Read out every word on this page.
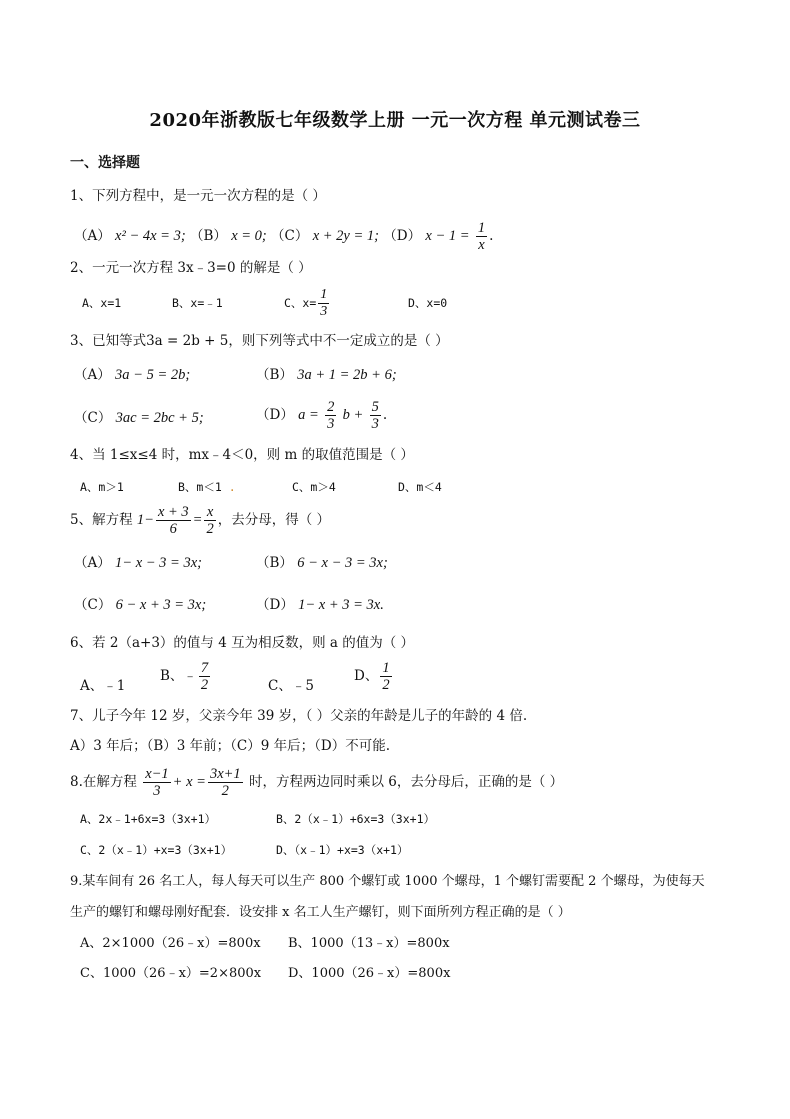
2020年浙教版七年级数学上册 一元一次方程 单元测试卷三
一、选择题
1、下列方程中，是一元一次方程的是（ ）
（A） x² − 4x = 3; （B） x = 0; （C） x + 2y = 1; （D） $x - 1 = \frac{1}{x}$ .
2、一元一次方程 3x﹣3=0 的解是（ ）
A、x=1	B、x=﹣1	C、$x= \frac{1}{3}$	D、x=0
3、已知等式3a = 2b + 5，则下列等式中不一定成立的是（ ）
（A） 3a − 5 = 2b;	（B） 3a + 1 = 2b + 6;
（C） 3ac = 2bc + 5;	（D） $a = \frac{2}{3}$ $b + \frac{5}{3}$ .
4、当 1≤x≤4 时，mx﹣4＜0，则 m 的取值范围是（ ）
A、m＞1	B、m＜1 .	C、m＞4	D、m＜4
5、解方程 $1- \frac{x + 3}{6} = \frac{x}{2}$ ，去分母，得（ ）
（A） 1− x − 3 = 3x;	（B） 6 − x − 3 = 3x;
（C） 6 − x + 3 = 3x;	（D） 1− x + 3 = 3x.
6、若 2（a+3）的值与 4 互为相反数，则 a 的值为（ ）
A、﹣1
B、﹣ $\frac{7}{2}$	C、﹣5
D、 $\frac{1}{2}$
7、儿子今年 12 岁，父亲今年 39 岁，（ ）父亲的年龄是儿子的年龄的 4 倍.
A）3 年后；（B）3 年前；（C）9 年后；（D）不可能.
8.在解方程 $\frac{x-1}{3} + x = \frac{3x+1}{2}$ 时，方程两边同时乘以 6，去分母后，正确的是（ ）
A、2x﹣1+6x=3（3x+1）	B、2（x﹣1）+6x=3（3x+1）
C、2（x﹣1）+x=3（3x+1）	D、（x﹣1）+x=3（x+1）
9.某车间有 26 名工人，每人每天可以生产 800 个螺钉或 1000 个螺母，1 个螺钉需要配 2 个螺母，为使每天
生产的螺钉和螺母刚好配套．设安排 x 名工人生产螺钉，则下面所列方程正确的是（ ）
A、2×1000（26﹣x）=800x B、1000（13﹣x）=800x
C、1000（26﹣x）=2×800x D、1000（26﹣x）=800x
